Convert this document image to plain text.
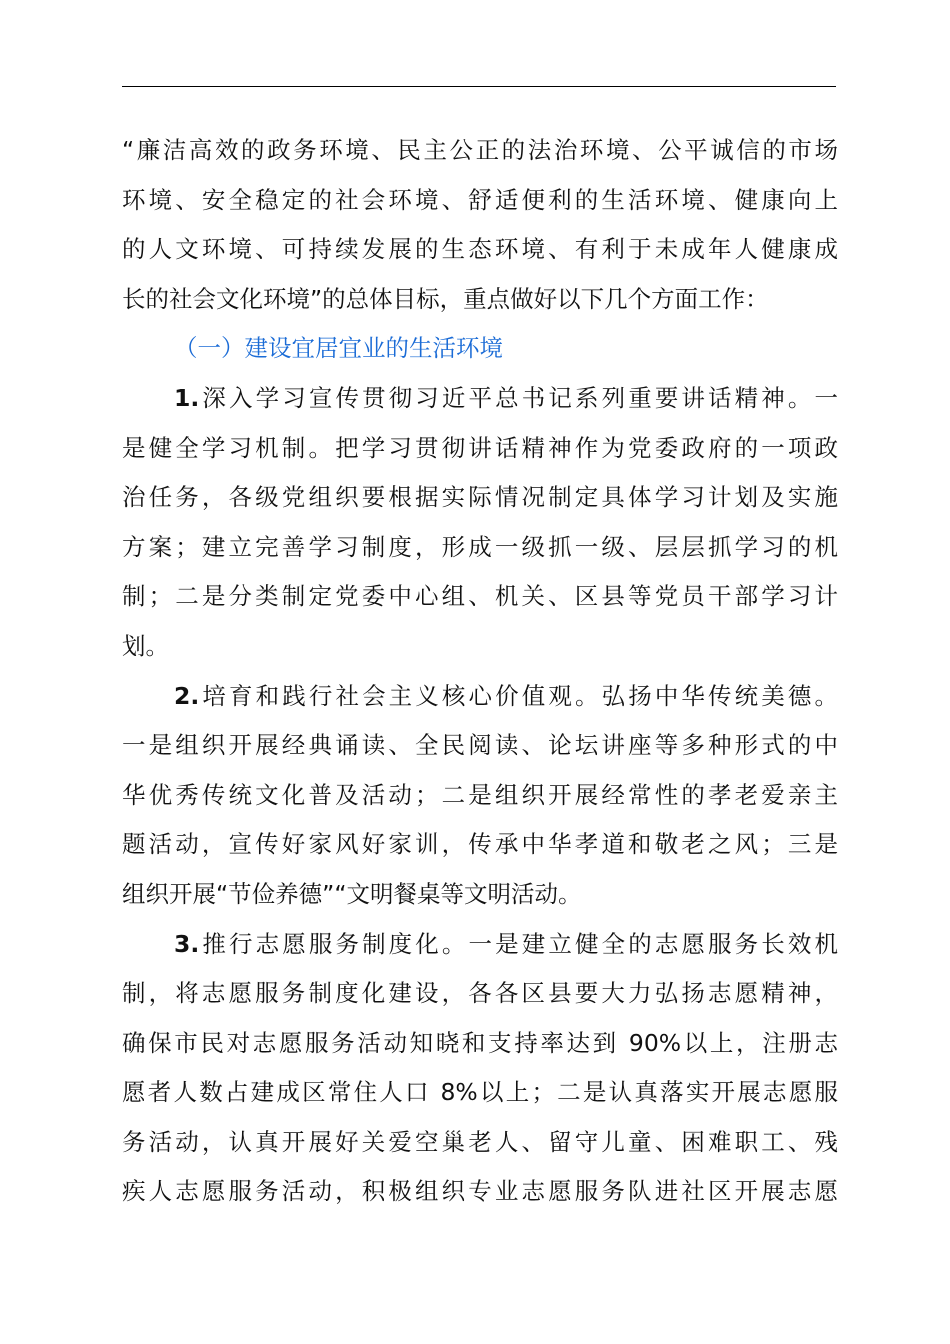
“廉洁高效的政务环境、民主公正的法治环境、公平诚信的市场
环境、安全稳定的社会环境、舒适便利的生活环境、健康向上
的人文环境、可持续发展的生态环境、有利于未成年人健康成
长的社会文化环境”的总体目标，重点做好以下几个方面工作：
（一）建设宜居宜业的生活环境
1.深入学习宣传贯彻习近平总书记系列重要讲话精神。一
是健全学习机制。把学习贯彻讲话精神作为党委政府的一项政
治任务，各级党组织要根据实际情况制定具体学习计划及实施
方案；建立完善学习制度，形成一级抓一级、层层抓学习的机
制；二是分类制定党委中心组、机关、区县等党员干部学习计
划。
2.培育和践行社会主义核心价值观。弘扬中华传统美德。
一是组织开展经典诵读、全民阅读、论坛讲座等多种形式的中
华优秀传统文化普及活动；二是组织开展经常性的孝老爱亲主
题活动，宣传好家风好家训，传承中华孝道和敬老之风；三是
组织开展“节俭养德”“文明餐桌等文明活动。
3.推行志愿服务制度化。一是建立健全的志愿服务长效机
制，将志愿服务制度化建设，各各区县要大力弘扬志愿精神，
确保市民对志愿服务活动知晓和支持率达到 90%以上，注册志
愿者人数占建成区常住人口 8%以上；二是认真落实开展志愿服
务活动，认真开展好关爱空巢老人、留守儿童、困难职工、残
疾人志愿服务活动，积极组织专业志愿服务队进社区开展志愿
